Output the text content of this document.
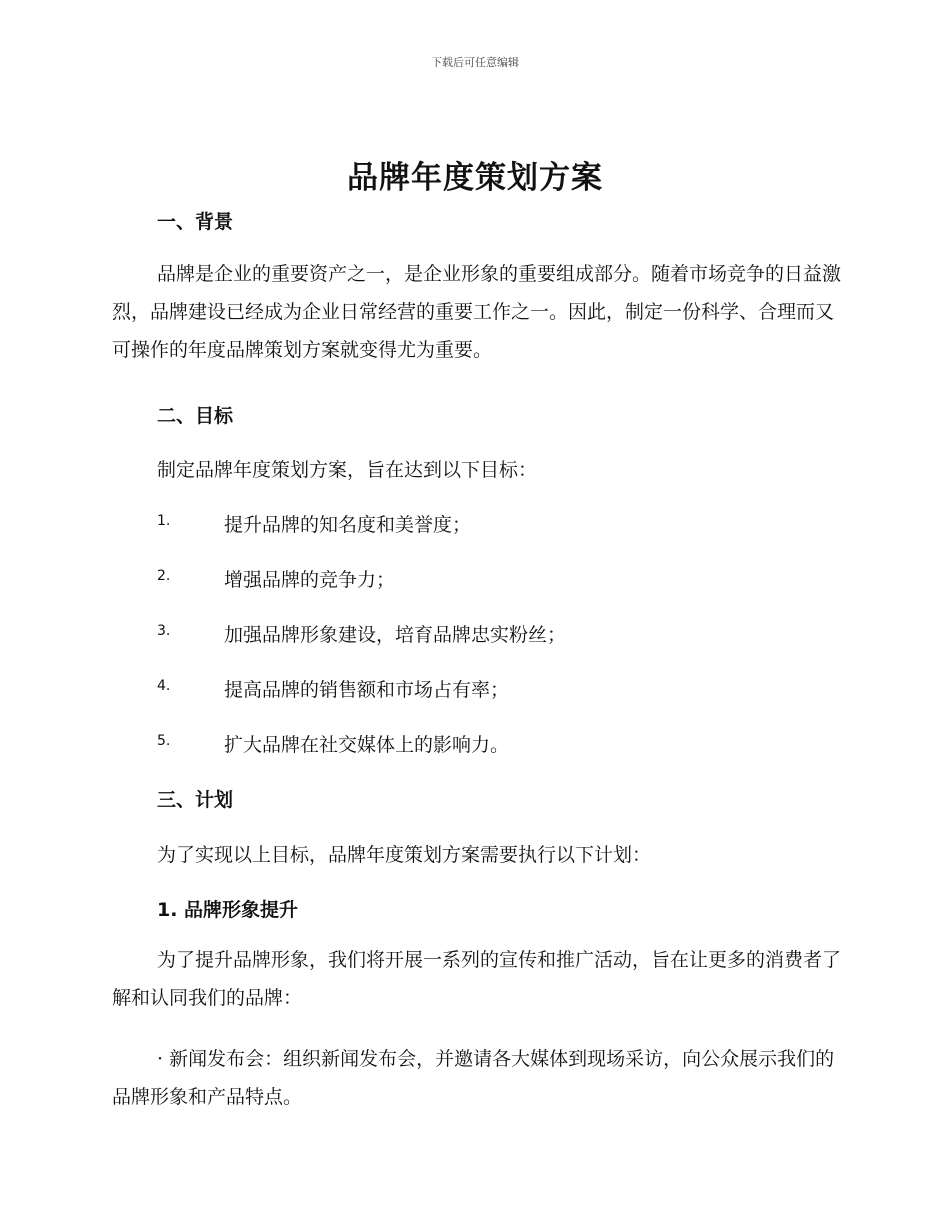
下载后可任意编辑
品牌年度策划方案
一、背景
品牌是企业的重要资产之一，是企业形象的重要组成部分。随着市场竞争的日益激烈，品牌建设已经成为企业日常经营的重要工作之一。因此，制定一份科学、合理而又可操作的年度品牌策划方案就变得尤为重要。
二、目标
制定品牌年度策划方案，旨在达到以下目标：
1.	提升品牌的知名度和美誉度；
2.	增强品牌的竞争力；
3.	加强品牌形象建设，培育品牌忠实粉丝；
4.	提高品牌的销售额和市场占有率；
5.	扩大品牌在社交媒体上的影响力。
三、计划
为了实现以上目标，品牌年度策划方案需要执行以下计划：
1. 品牌形象提升
为了提升品牌形象，我们将开展一系列的宣传和推广活动，旨在让更多的消费者了解和认同我们的品牌：
· 新闻发布会：组织新闻发布会，并邀请各大媒体到现场采访，向公众展示我们的品牌形象和产品特点。
